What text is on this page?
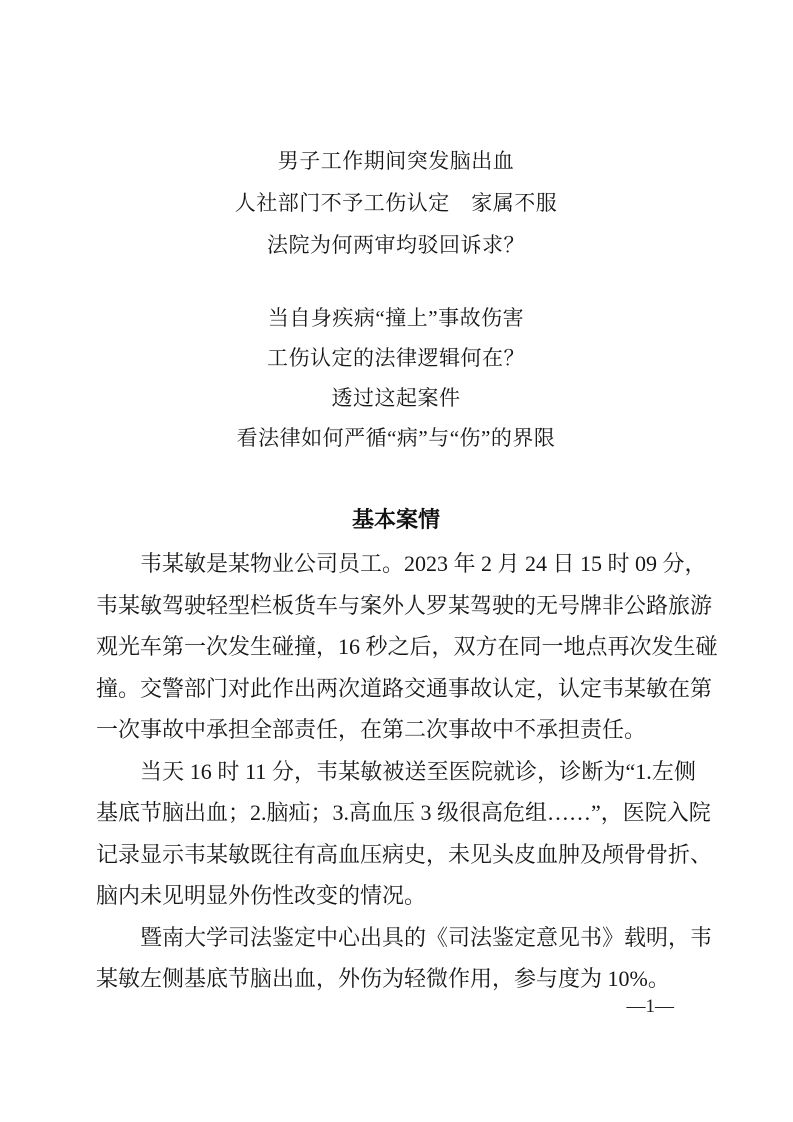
男子工作期间突发脑出血
人社部门不予工伤认定　家属不服
法院为何两审均驳回诉求？
当自身疾病“撞上”事故伤害
工伤认定的法律逻辑何在？
透过这起案件
看法律如何严循“病”与“伤”的界限
基本案情
韦某敏是某物业公司员工。2023 年 2 月 24 日 15 时 09 分，
韦某敏驾驶轻型栏板货车与案外人罗某驾驶的无号牌非公路旅游
观光车第一次发生碰撞，16 秒之后，双方在同一地点再次发生碰
撞。交警部门对此作出两次道路交通事故认定，认定韦某敏在第
一次事故中承担全部责任，在第二次事故中不承担责任。
当天 16 时 11 分，韦某敏被送至医院就诊，诊断为“1.左侧
基底节脑出血；2.脑疝；3.高血压 3 级很高危组……”，医院入院
记录显示韦某敏既往有高血压病史，未见头皮血肿及颅骨骨折、
脑内未见明显外伤性改变的情况。
暨南大学司法鉴定中心出具的《司法鉴定意见书》载明，韦
某敏左侧基底节脑出血，外伤为轻微作用，参与度为 10%。
—1—
